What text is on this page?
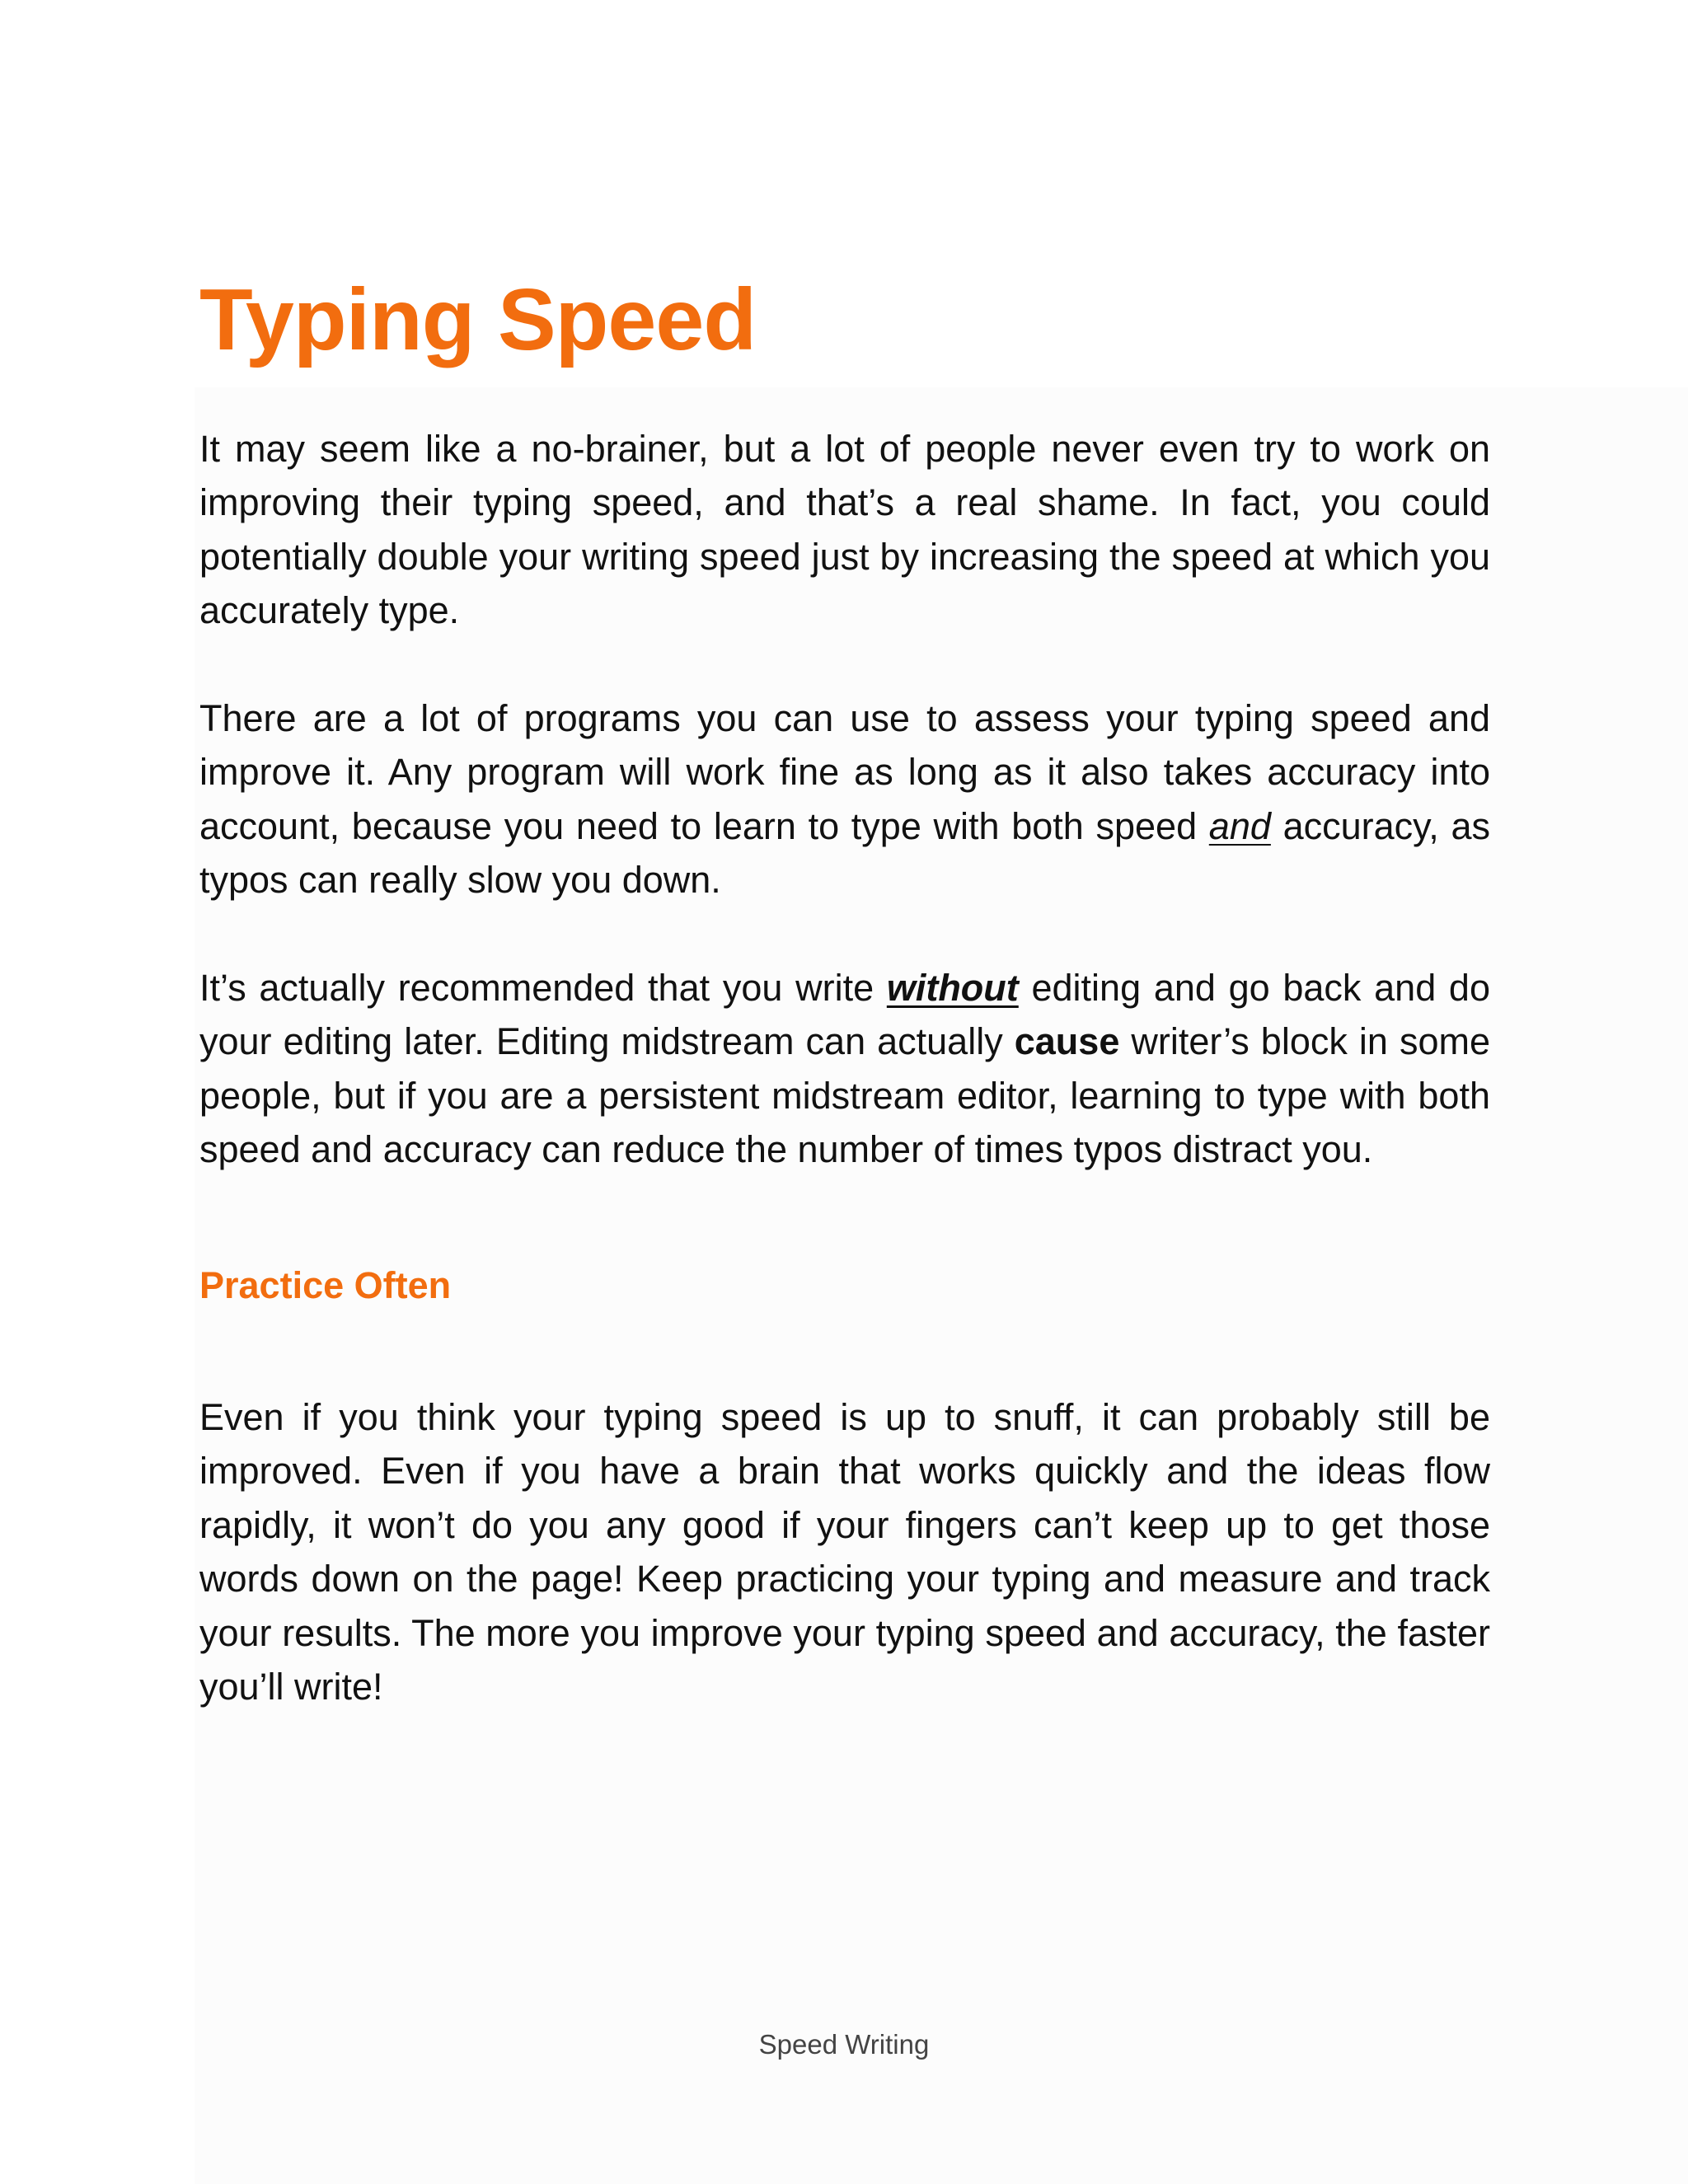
Typing Speed

It may seem like a no-brainer, but a lot of people never even try to work on improving their typing speed, and that’s a real shame. In fact, you could potentially double your writing speed just by increasing the speed at which you accurately type.

There are a lot of programs you can use to assess your typing speed and improve it. Any program will work fine as long as it also takes accuracy into account, because you need to learn to type with both speed and accuracy, as typos can really slow you down.

It’s actually recommended that you write without editing and go back and do your editing later. Editing midstream can actually cause writer’s block in some people, but if you are a persistent midstream editor, learning to type with both speed and accuracy can reduce the number of times typos distract you.

Practice Often

Even if you think your typing speed is up to snuff, it can probably still be improved. Even if you have a brain that works quickly and the ideas flow rapidly, it won’t do you any good if your fingers can’t keep up to get those words down on the page! Keep practicing your typing and measure and track your results. The more you improve your typing speed and accuracy, the faster you’ll write!

Speed Writing
